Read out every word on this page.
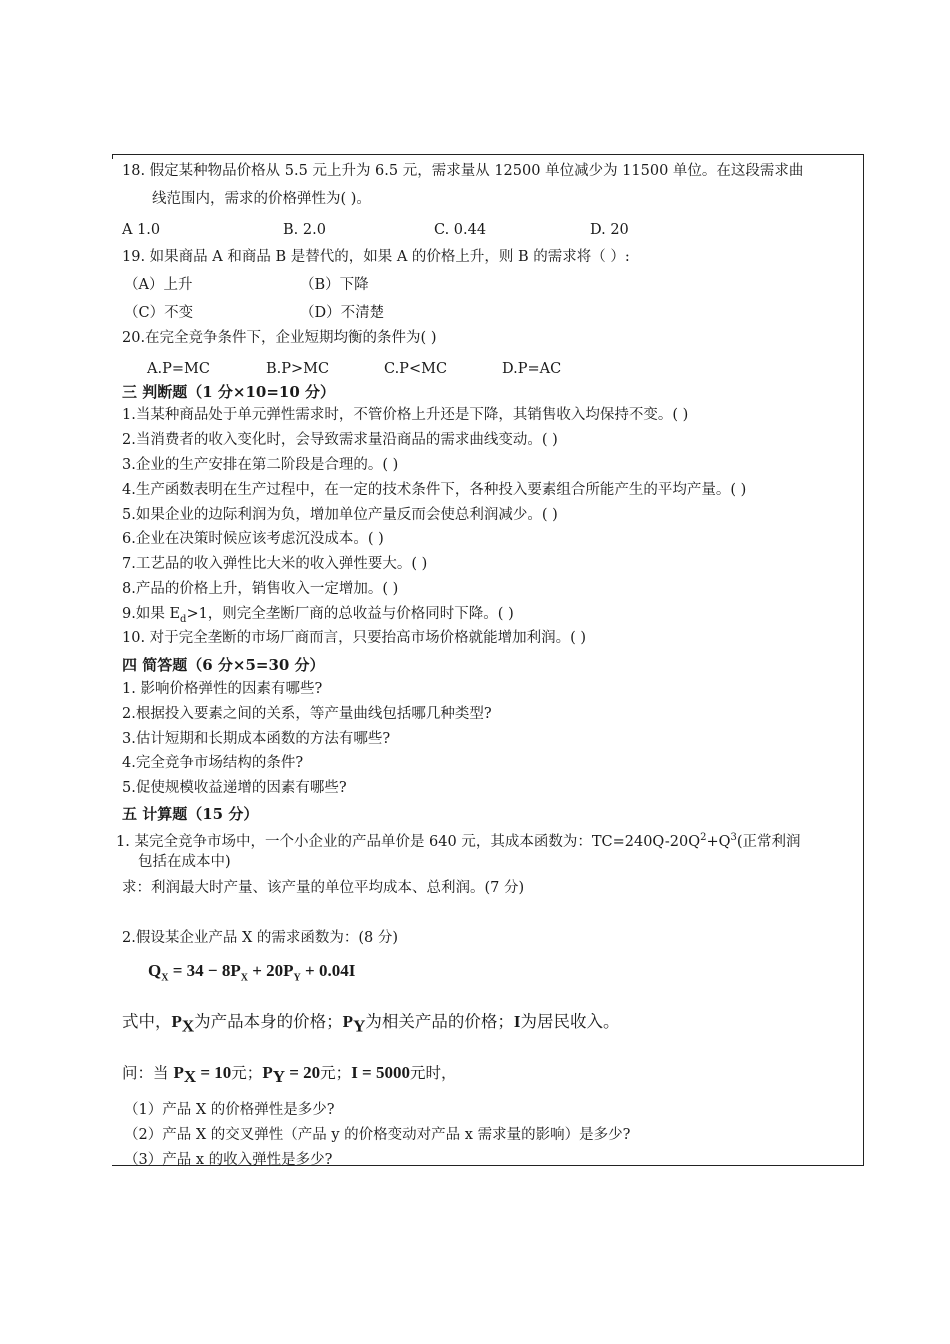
18. 假定某种物品价格从 5.5 元上升为 6.5 元，需求量从 12500 单位减少为 11500 单位。在这段需求曲
线范围内，需求的价格弹性为( )。
A 1.0	B. 2.0	C. 0.44	D. 20
19. 如果商品 A 和商品 B 是替代的，如果 A 的价格上升，则 B 的需求将（ ）:
（A）上升	（B）下降
（C）不变	（D）不清楚
20.在完全竞争条件下，企业短期均衡的条件为( )
A.P=MC	B.P>MC	C.P<MC	D.P=AC
三 判断题（1 分×10=10 分）
1.当某种商品处于单元弹性需求时，不管价格上升还是下降，其销售收入均保持不变。( )
2.当消费者的收入变化时，会导致需求量沿商品的需求曲线变动。( )
3.企业的生产安排在第二阶段是合理的。( )
4.生产函数表明在生产过程中，在一定的技术条件下，各种投入要素组合所能产生的平均产量。( )
5.如果企业的边际利润为负，增加单位产量反而会使总利润减少。( )
6.企业在决策时候应该考虑沉没成本。( )
7.工艺品的收入弹性比大米的收入弹性要大。( )
8.产品的价格上升，销售收入一定增加。( )
9.如果 $E_d>1$，则完全垄断厂商的总收益与价格同时下降。( )
10. 对于完全垄断的市场厂商而言，只要抬高市场价格就能增加利润。( )
四 简答题（6 分×5=30 分）
1. 影响价格弹性的因素有哪些?
2.根据投入要素之间的关系，等产量曲线包括哪几种类型?
3.估计短期和长期成本函数的方法有哪些?
4.完全竞争市场结构的条件?
5.促使规模收益递增的因素有哪些?
五 计算题（15 分）
1. 某完全竞争市场中，一个小企业的产品单价是 640 元，其成本函数为：$TC=240Q-20Q^2+Q^3$(正常利润
包括在成本中)
求：利润最大时产量、该产量的单位平均成本、总利润。(7 分)
2.假设某企业产品 X 的需求函数为：(8 分)
$Q_X = 34 - 8P_X + 20P_Y + 0.04I$
式中，$P_X$为产品本身的价格；$P_Y$为相关产品的价格；I为居民收入。
问：当 $P_X = 10$元；$P_Y = 20$元；I = 5000元时，
（1）产品 X 的价格弹性是多少?
（2）产品 X 的交叉弹性（产品 y 的价格变动对产品 x 需求量的影响）是多少?
（3）产品 x 的收入弹性是多少?
